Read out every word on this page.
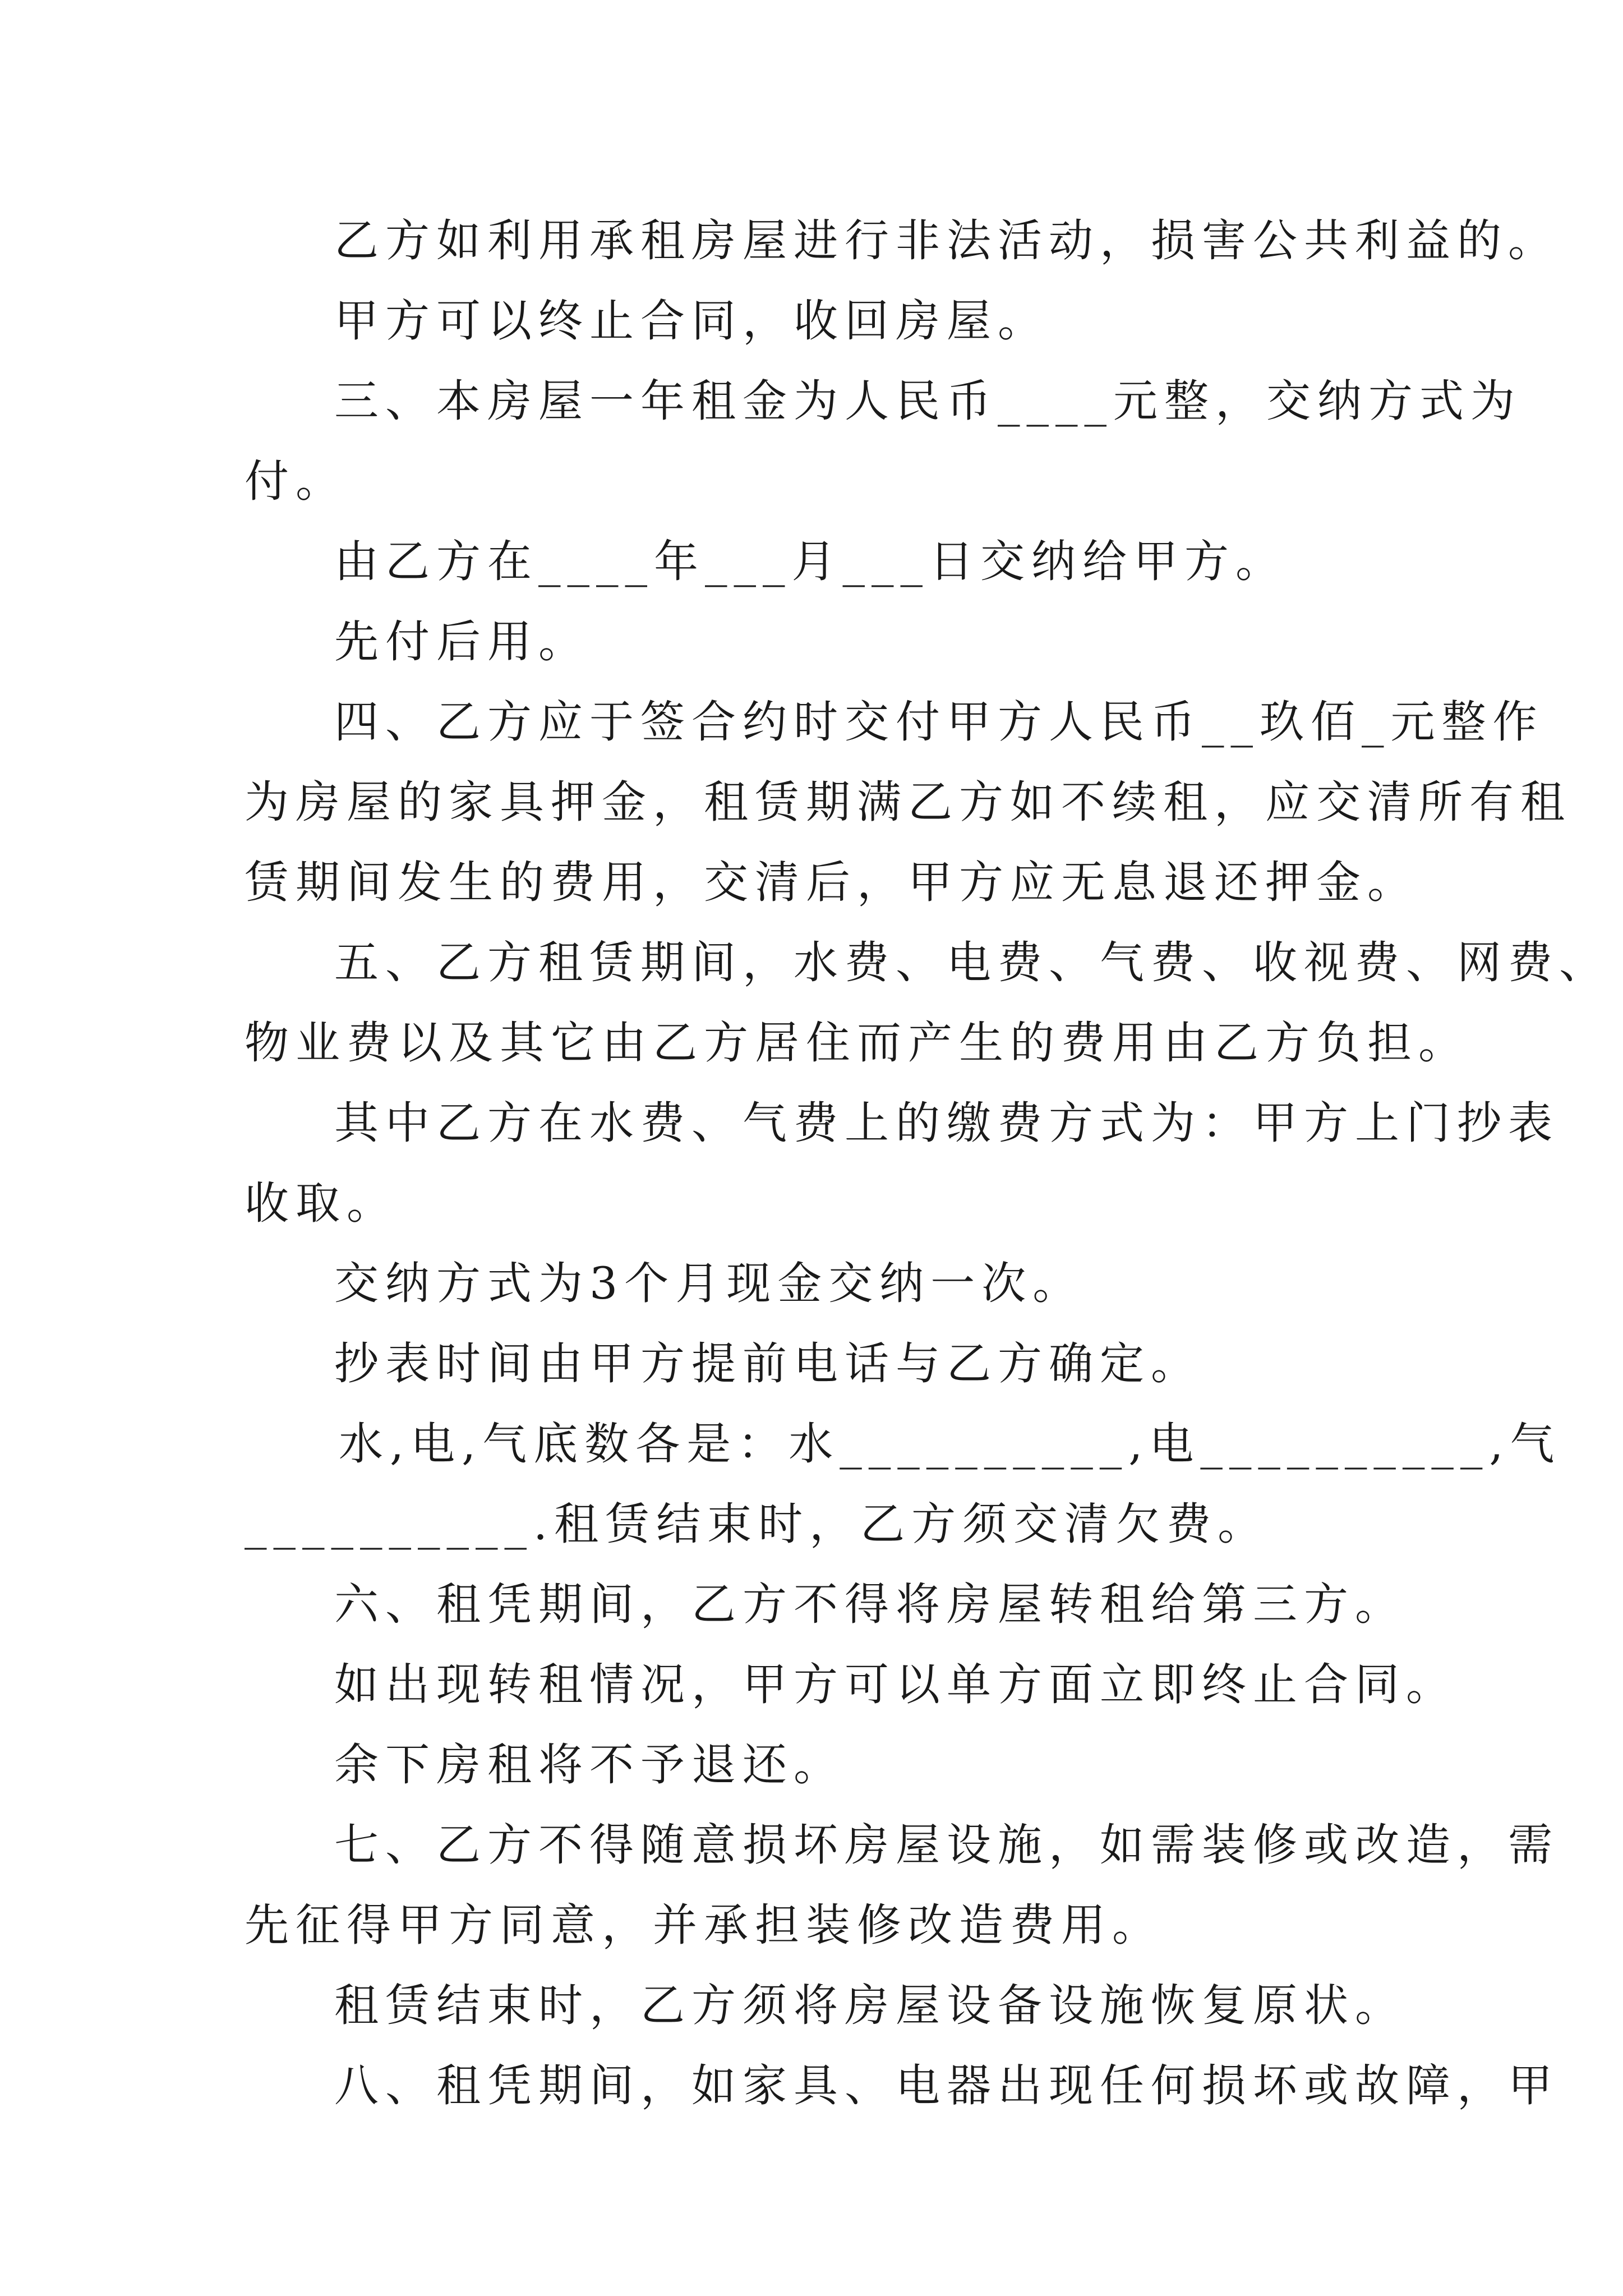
乙方如利用承租房屋进行非法活动，损害公共利益的。

甲方可以终止合同，收回房屋。

三、本房屋一年租金为人民币____元整，交纳方式为

付。

由乙方在____年___月___日交纳给甲方。

先付后用。

四、乙方应于签合约时交付甲方人民币__玖佰_元整作

为房屋的家具押金，租赁期满乙方如不续租，应交清所有租

赁期间发生的费用，交清后，甲方应无息退还押金。

五、乙方租赁期间，水费、电费、气费、收视费、网费、

物业费以及其它由乙方居住而产生的费用由乙方负担。

其中乙方在水费、气费上的缴费方式为：甲方上门抄表

收取。

交纳方式为3个月现金交纳一次。

抄表时间由甲方提前电话与乙方确定。

水,电,气底数各是：水__________,电__________,气

__________.租赁结束时，乙方须交清欠费。

六、租凭期间，乙方不得将房屋转租给第三方。

如出现转租情况，甲方可以单方面立即终止合同。

余下房租将不予退还。

七、乙方不得随意损坏房屋设施，如需装修或改造，需

先征得甲方同意，并承担装修改造费用。

租赁结束时，乙方须将房屋设备设施恢复原状。

八、租凭期间，如家具、电器出现任何损坏或故障，甲
